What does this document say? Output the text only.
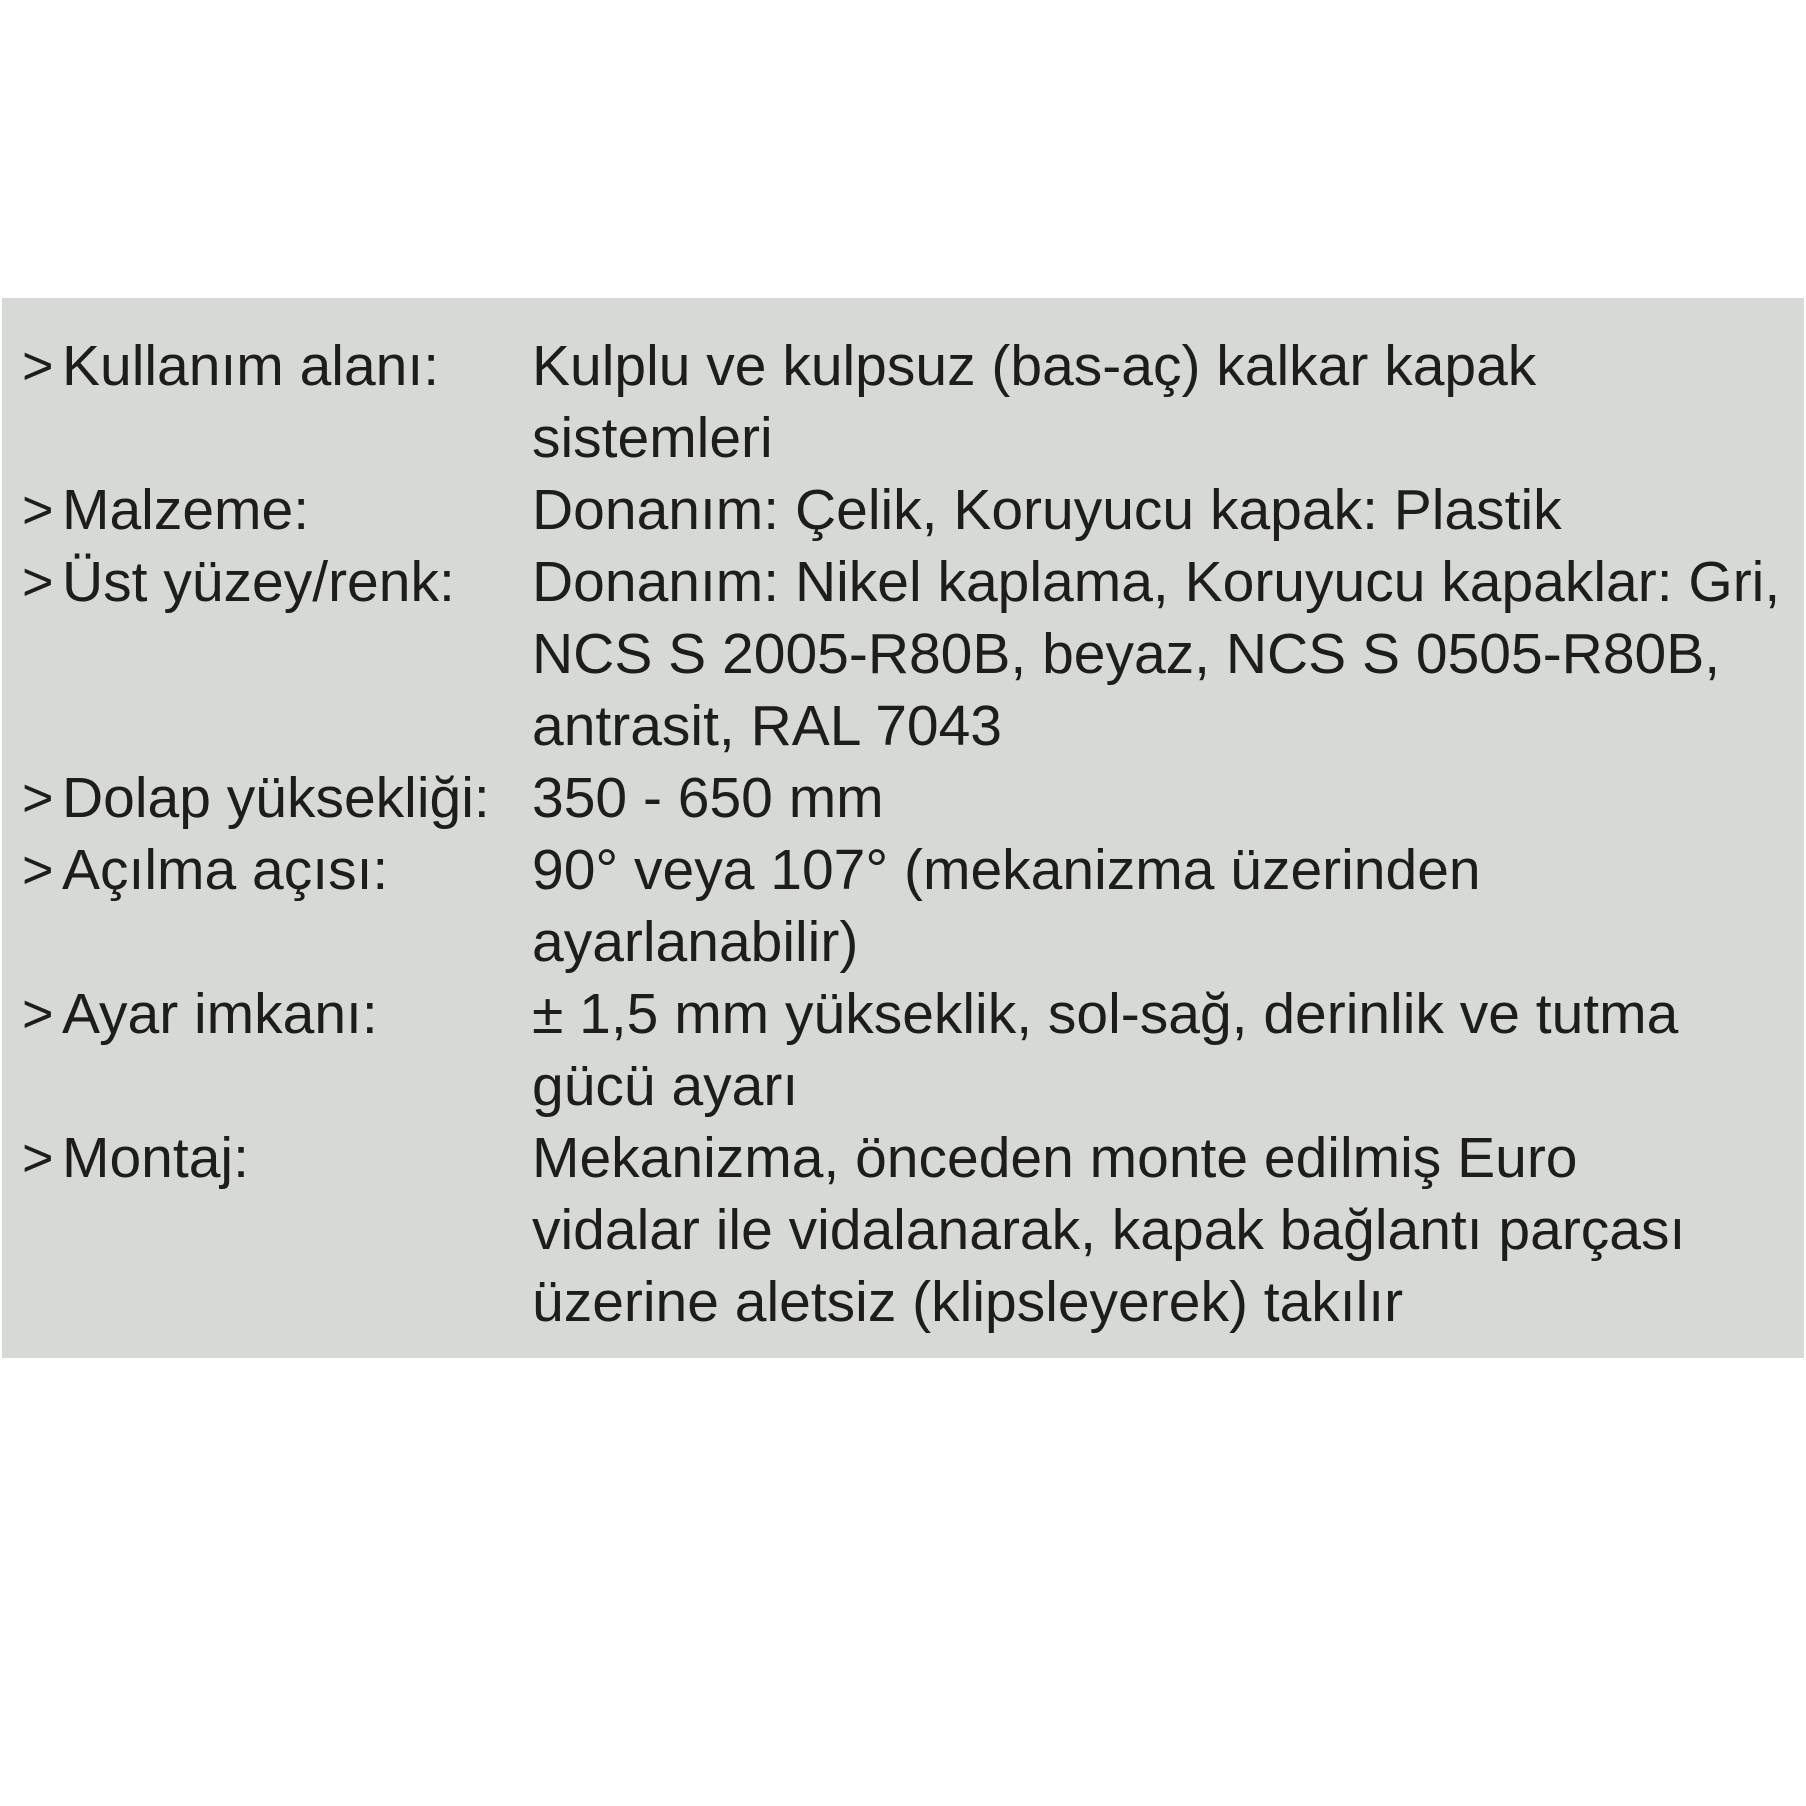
> Kullanım alanı:	Kulplu ve kulpsuz (bas-aç) kalkar kapak
sistemleri
> Malzeme:	Donanım: Çelik, Koruyucu kapak: Plastik
> Üst yüzey/renk:	Donanım: Nikel kaplama, Koruyucu kapaklar: Gri,
NCS S 2005-R80B, beyaz, NCS S 0505-R80B,
antrasit, RAL 7043
> Dolap yüksekliği: 350 - 650 mm
> Açılma açısı:	90° veya 107° (mekanizma üzerinden
ayarlanabilir)
> Ayar imkanı:	± 1,5 mm yükseklik, sol-sağ, derinlik ve tutma
gücü ayarı
> Montaj:	Mekanizma, önceden monte edilmiş Euro
vidalar ile vidalanarak, kapak bağlantı parçası
üzerine aletsiz (klipsleyerek) takılır
